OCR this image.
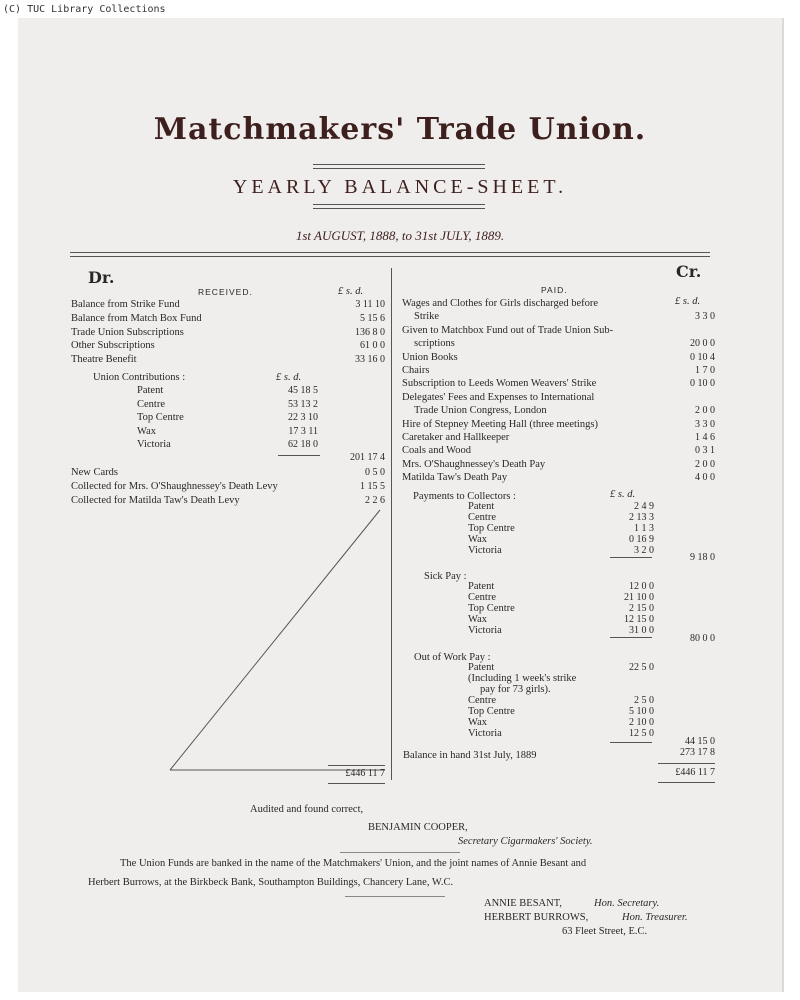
(C) TUC Library Collections
Matchmakers' Trade Union.
YEARLY BALANCE-SHEET.
1st AUGUST, 1888, to 31st JULY, 1889.
Dr.	Cr.
RECEIVED.	£ s. d.
Balance from Strike Fund	3 11 10
Balance from Match Box Fund	5 15 6
Trade Union Subscriptions	136 8 0
Other Subscriptions	61 0 0
Theatre Benefit	33 16 0
Union Contributions :	£ s. d.
Patent	45 18 5
Centre	53 13 2
Top Centre	22 3 10
Wax	17 3 11
Victoria	62 18 0
201 17 4
New Cards	0 5 0
Collected for Mrs. O'Shaughnessey's Death Levy	1 15 5
Collected for Matilda Taw's Death Levy	2 2 6
£446 11 7
PAID.
£ s. d.
Wages and Clothes for Girls discharged before
Strike	3 3 0
Given to Matchbox Fund out of Trade Union Sub-
scriptions	20 0 0
Union Books	0 10 4
Chairs	1 7 0
Subscription to Leeds Women Weavers' Strike	0 10 0
Delegates' Fees and Expenses to International
Trade Union Congress, London	2 0 0
Hire of Stepney Meeting Hall (three meetings)	3 3 0
Caretaker and Hallkeeper	1 4 6
Coals and Wood	0 3 1
Mrs. O'Shaughnessey's Death Pay	2 0 0
Matilda Taw's Death Pay	4 0 0
Payments to Collectors :	£ s. d.
Patent	2 4 9
Centre	2 13 3
Top Centre	1 1 3
Wax	0 16 9
Victoria	3 2 0
9 18 0
Sick Pay :
Patent	12 0 0
Centre	21 10 0
Top Centre	2 15 0
Wax	12 15 0
Victoria	31 0 0
80 0 0
Out of Work Pay :
Patent	22 5 0
(Including 1 week's strike
pay for 73 girls).
Centre	2 5 0
Top Centre	5 10 0
Wax	2 10 0
Victoria	12 5 0
44 15 0
Balance in hand 31st July, 1889	273 17 8
£446 11 7
Audited and found correct,
BENJAMIN COOPER,
Secretary Cigarmakers' Society.
The Union Funds are banked in the name of the Matchmakers' Union, and the joint names of Annie Besant and
Herbert Burrows, at the Birkbeck Bank, Southampton Buildings, Chancery Lane, W.C.
ANNIE BESANT,	Hon. Secretary.
HERBERT BURROWS,	Hon. Treasurer.
63 Fleet Street, E.C.
